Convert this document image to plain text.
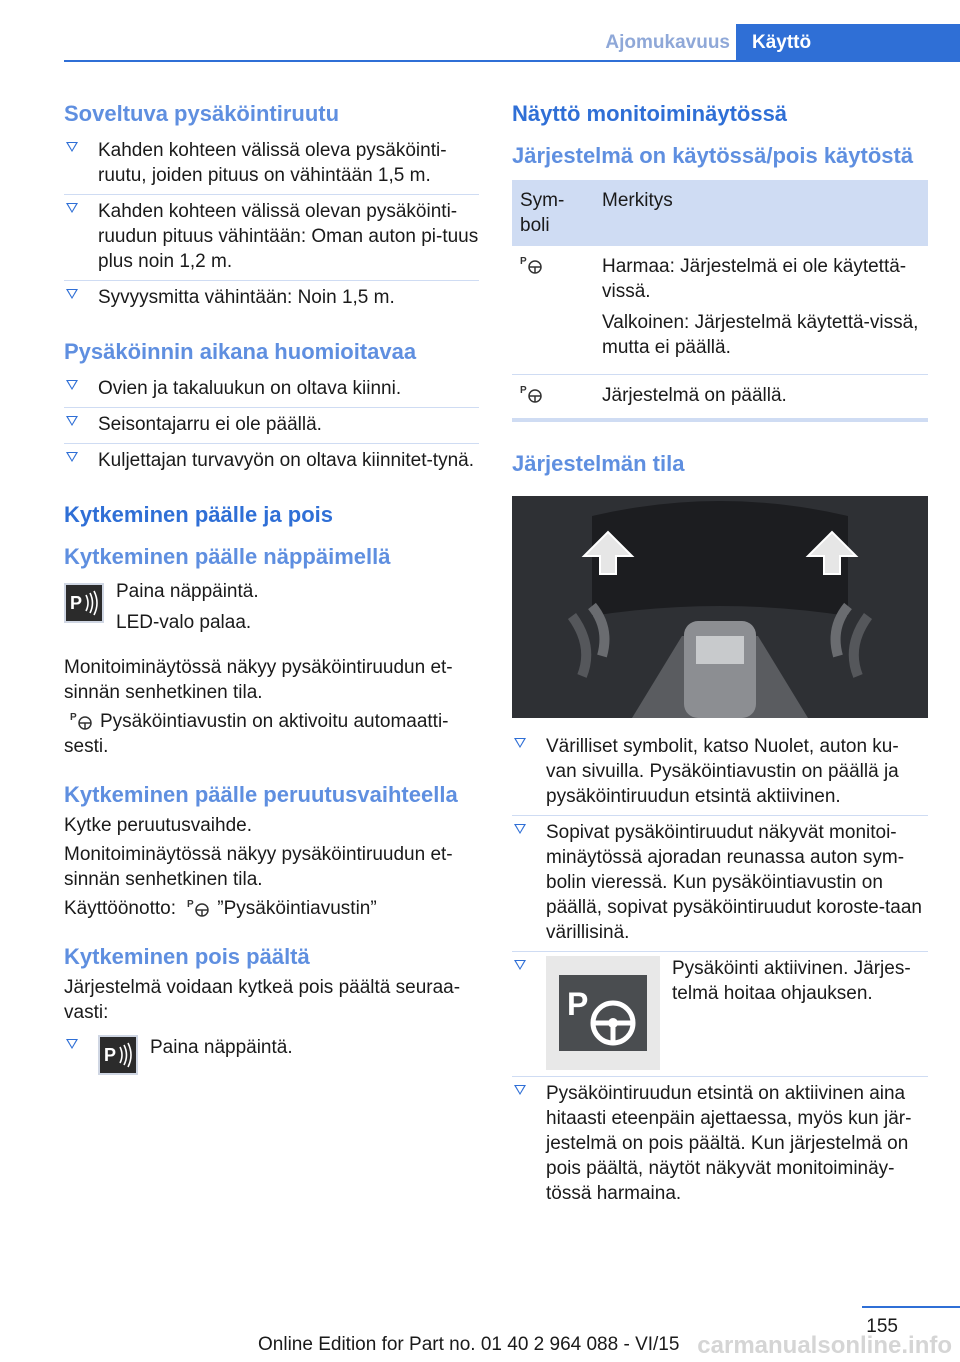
Ajomukavuus	Käyttö
Soveltuva pysäköintiruutu
Kahden kohteen välissä oleva pysäköinti-ruutu, joiden pituus on vähintään 1,5 m.
Kahden kohteen välissä olevan pysäköinti-ruudun pituus vähintään: Oman auton pi-tuus plus noin 1,2 m.
Syvyysmitta vähintään: Noin 1,5 m.
Pysäköinnin aikana huomioitavaa
Ovien ja takaluukun on oltava kiinni.
Seisontajarru ei ole päällä.
Kuljettajan turvavyön on oltava kiinnitet-tynä.
Kytkeminen päälle ja pois
Kytkeminen päälle näppäimellä
P

Paina näppäintä.

LED-valo palaa.

Monitoiminäytössä näkyy pysäköintiruudun et-sinnän senhetkinen tila.

P Pysäköintiavustin on aktivoitu automaatti-sesti.

Kytkeminen päälle peruutusvaihteella

Kytke peruutusvaihde.

Monitoiminäytössä näkyy pysäköintiruudun et-sinnän senhetkinen tila.

Käyttöönotto: P ”Pysäköintiavustin”

Kytkeminen pois päältä

Järjestelmä voidaan kytkeä pois päältä seuraa-vasti:

P Paina näppäintä.
Näyttö monitoiminäytössä
Järjestelmä on käytössä/pois käytöstä
Sym-boli	Merkitys

P	Harmaa: Järjestelmä ei ole käytettä-vissä.

Valkoinen: Järjestelmä käytettä-vissä, mutta ei päällä.

P	Järjestelmä on päällä.
Järjestelmän tila
Värilliset symbolit, katso Nuolet, auton ku-van sivuilla. Pysäköintiavustin on päällä ja pysäköintiruudun etsintä aktiivinen.
Sopivat pysäköintiruudut näkyvät monitoi-minäytössä ajoradan reunassa auton sym-bolin vieressä. Kun pysäköintiavustin on päällä, sopivat pysäköintiruudut koroste-taan värillisinä.
P
Pysäköinti aktiivinen. Järjes-telmä hoitaa ohjauksen.
Pysäköintiruudun etsintä on aktiivinen aina hitaasti eteenpäin ajettaessa, myös kun jär-jestelmä on pois päältä. Kun järjestelmä on pois päältä, näytöt näkyvät monitoiminäy-tössä harmaina.
155
Online Edition for Part no. 01 40 2 964 088 - VI/15 carmanualsonline.info
